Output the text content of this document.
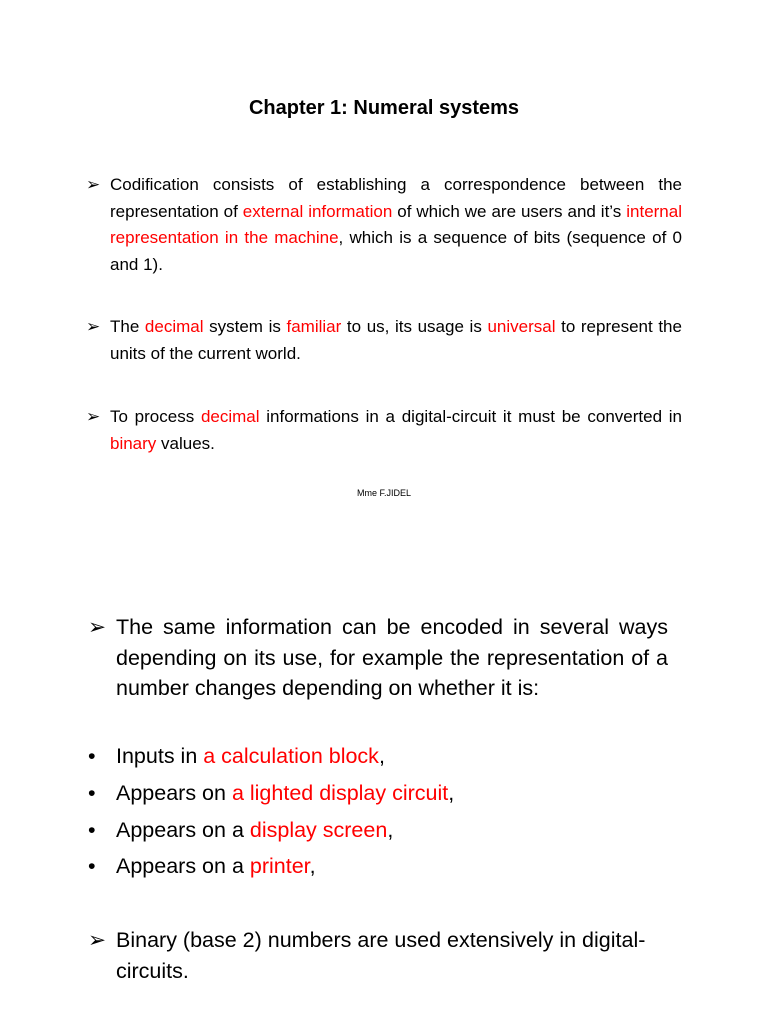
Chapter 1: Numeral systems
➢ Codification consists of establishing a correspondence between the representation of external information of which we are users and it’s internal representation in the machine, which is a sequence of bits (sequence of 0 and 1).
➢ The decimal system is familiar to us, its usage is universal to represent the units of the current world.
➢ To process decimal informations in a digital-circuit it must be converted in binary values.
Mme F.JIDEL
➢ The same information can be encoded in several ways depending on its use, for example the representation of a number changes depending on whether it is:
• Inputs in a calculation block,
• Appears on a lighted display circuit,
• Appears on a display screen,
• Appears on a printer,
➢ Binary (base 2) numbers are used extensively in digital-circuits.
